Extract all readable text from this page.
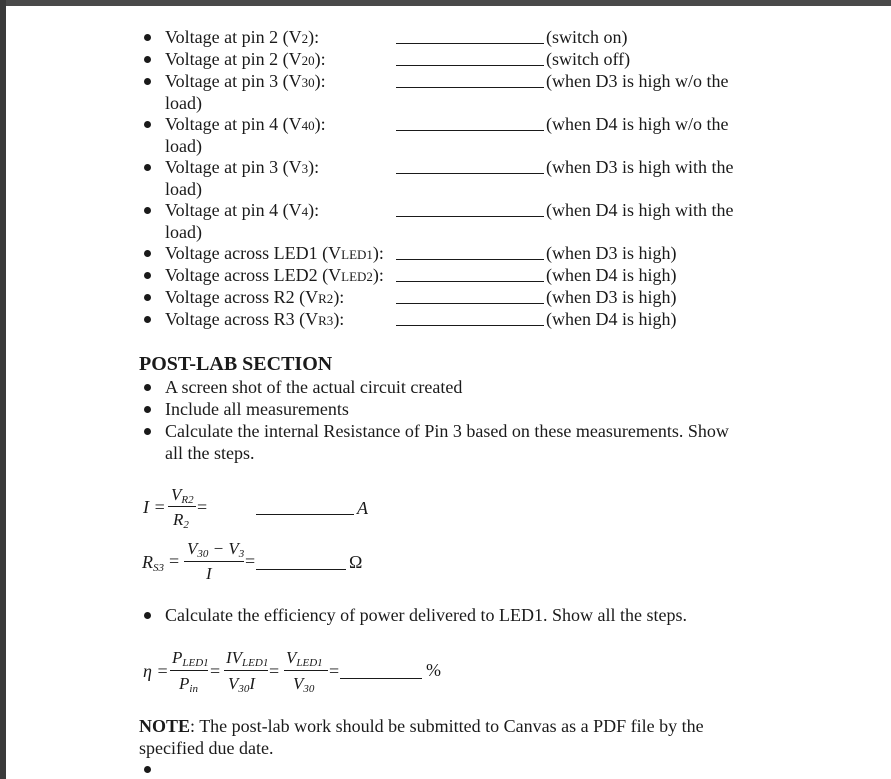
Voltage at pin 2 (V2):	(switch on)
Voltage at pin 2 (V20):	(switch off)
Voltage at pin 3 (V30):	(when D3 is high w/o the
load)
Voltage at pin 4 (V40):	(when D4 is high w/o the
load)
Voltage at pin 3 (V3):	(when D3 is high with the
load)
Voltage at pin 4 (V4):	(when D4 is high with the
load)
Voltage across LED1 (VLED1):	(when D3 is high)
Voltage across LED2 (VLED2):	(when D4 is high)
Voltage across R2 (VR2):	(when D3 is high)
Voltage across R3 (VR3):	(when D4 is high)
POST-LAB SECTION
A screen shot of the actual circuit created
Include all measurements
Calculate the internal Resistance of Pin 3 based on these measurements. Show
all the steps.
I =
$V_{R2}$
$R_2$
=	A
$R_{S3}$ =
$V_{30} - V_3$
I
=	Ω
Calculate the efficiency of power delivered to LED1. Show all the steps.
η =
$P_{LED1}$
$P_{in}$
=
$IV_{LED1}$
$V_{30}I$
=
$V_{LED1}$
$V_{30}$
=	%
NOTE: The post-lab work should be submitted to Canvas as a PDF file by the
specified due date.
